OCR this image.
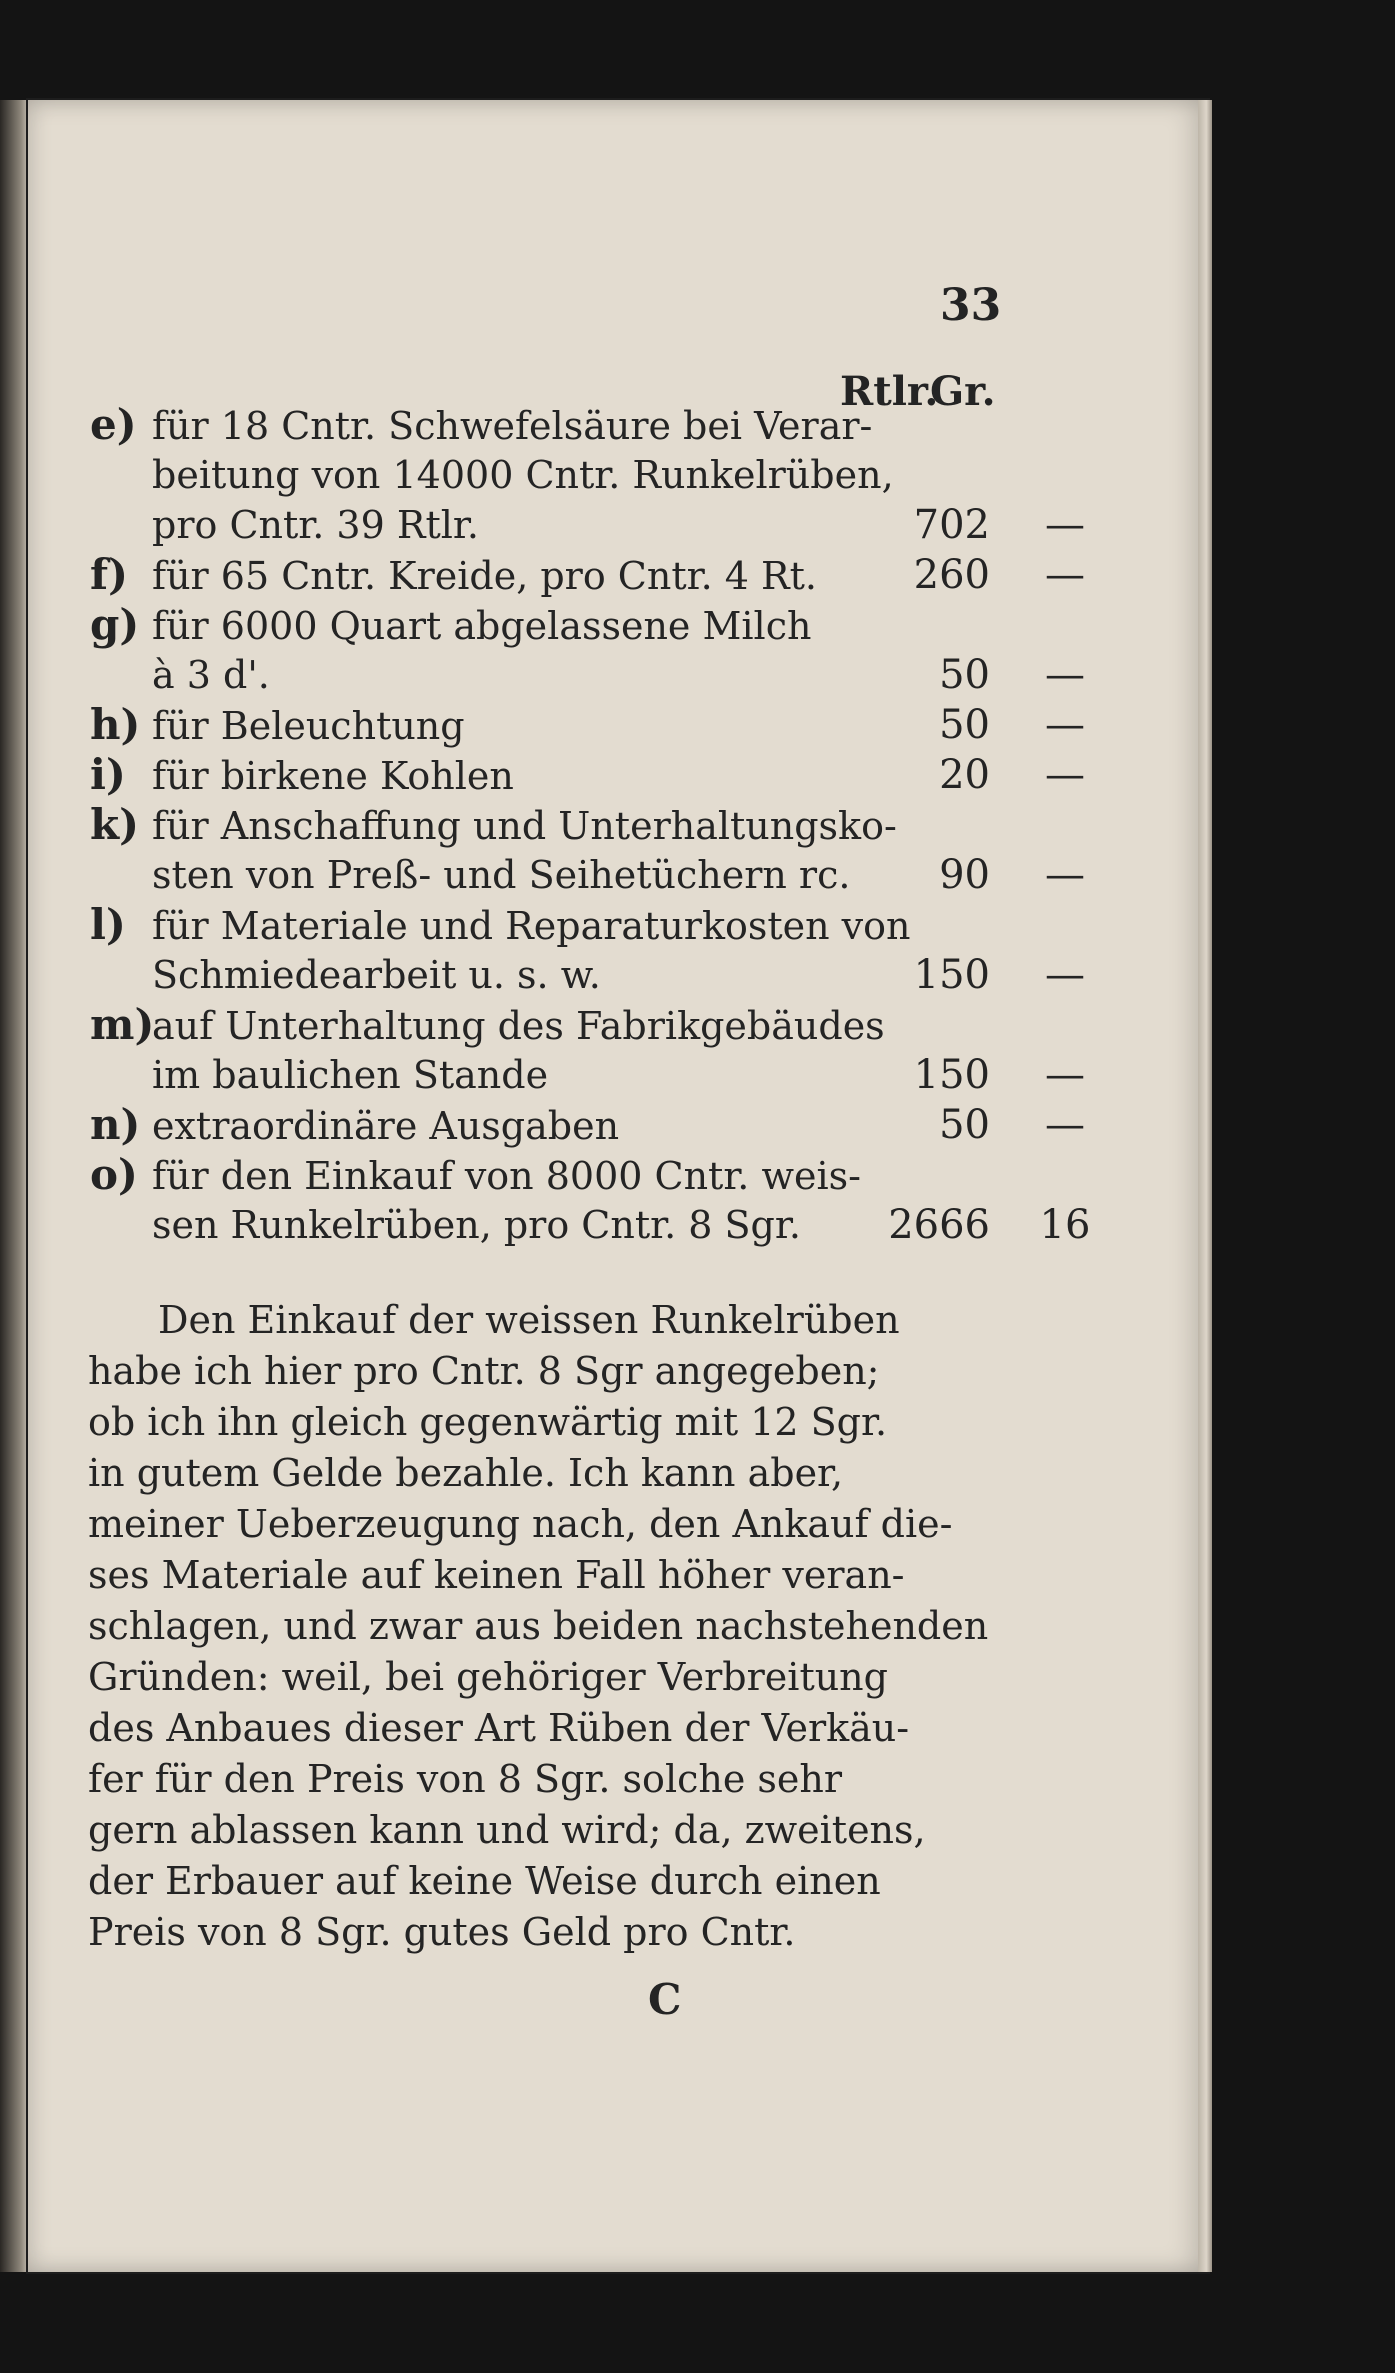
33
Rtlr.
Gr.
e) für 18 Cntr. Schwefelsäure bei Verar-
beitung von 14000 Cntr. Runkelrüben,
pro Cntr. 39 Rtlr.	702	—
f) für 65 Cntr. Kreide, pro Cntr. 4 Rt.	260	—
g) für 6000 Quart abgelassene Milch
à 3 d'.	50	—
h) für Beleuchtung	50	—
i) für birkene Kohlen	20	—
k) für Anschaffung und Unterhaltungsko-
sten von Preß- und Seihetüchern rc.	90	—
l) für Materiale und Reparaturkosten von
Schmiedearbeit u. s. w.	150	—
m)auf Unterhaltung des Fabrikgebäudes
im baulichen Stande	150	—
n) extraordinäre Ausgaben	50	—
o) für den Einkauf von 8000 Cntr. weis-
sen Runkelrüben, pro Cntr. 8 Sgr.	2666	16
Den Einkauf der weissen Runkelrüben
habe ich hier pro Cntr. 8 Sgr angegeben;
ob ich ihn gleich gegenwärtig mit 12 Sgr.
in gutem Gelde bezahle. Ich kann aber,
meiner Ueberzeugung nach, den Ankauf die-
ses Materiale auf keinen Fall höher veran-
schlagen, und zwar aus beiden nachstehenden
Gründen: weil, bei gehöriger Verbreitung
des Anbaues dieser Art Rüben der Verkäu-
fer für den Preis von 8 Sgr. solche sehr
gern ablassen kann und wird; da, zweitens,
der Erbauer auf keine Weise durch einen
Preis von 8 Sgr. gutes Geld pro Cntr.
C
